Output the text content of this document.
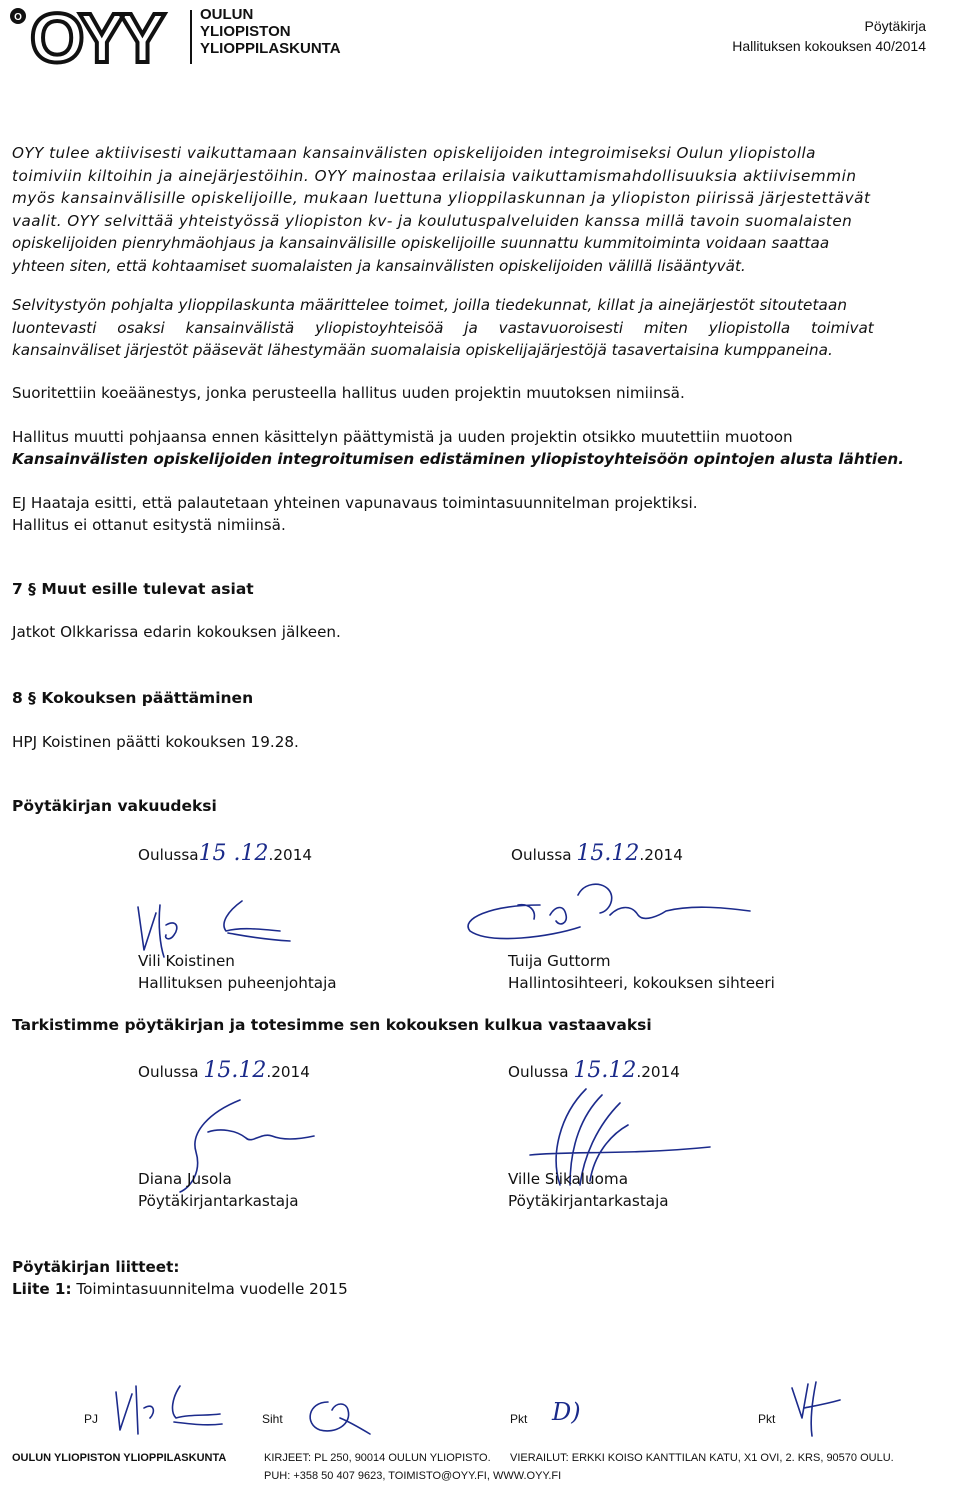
O OYY	OULUN
YLIOPISTON
YLIOPPILASKUNTA
Pöytäkirja
Hallituksen kokouksen 40/2014
OYY tulee aktiivisesti vaikuttamaan kansainvälisten opiskelijoiden integroimiseksi Oulun yliopistolla
toimiviin kiltoihin ja ainejärjestöihin. OYY mainostaa erilaisia vaikuttamismahdollisuuksia aktiivisemmin
myös kansainvälisille opiskelijoille, mukaan luettuna ylioppilaskunnan ja yliopiston piirissä järjestettävät
vaalit. OYY selvittää yhteistyössä yliopiston kv- ja koulutuspalveluiden kanssa millä tavoin suomalaisten
opiskelijoiden pienryhmäohjaus ja kansainvälisille opiskelijoille suunnattu kummitoiminta voidaan saattaa
yhteen siten, että kohtaamiset suomalaisten ja kansainvälisten opiskelijoiden välillä lisääntyvät.
Selvitystyön pohjalta ylioppilaskunta määrittelee toimet, joilla tiedekunnat, killat ja ainejärjestöt sitoutetaan
luontevasti osaksi kansainvälistä yliopistoyhteisöä ja vastavuoroisesti miten yliopistolla toimivat
kansainväliset järjestöt pääsevät lähestymään suomalaisia opiskelijajärjestöjä tasavertaisina kumppaneina.
Suoritettiin koeäänestys, jonka perusteella hallitus uuden projektin muutoksen nimiinsä.
Hallitus muutti pohjaansa ennen käsittelyn päättymistä ja uuden projektin otsikko muutettiin muotoon
Kansainvälisten opiskelijoiden integroitumisen edistäminen yliopistoyhteisöön opintojen alusta lähtien.
EJ Haataja esitti, että palautetaan yhteinen vapunavaus toimintasuunnitelman projektiksi.
Hallitus ei ottanut esitystä nimiinsä.
7 § Muut esille tulevat asiat
Jatkot Olkkarissa edarin kokouksen jälkeen.
8 § Kokouksen päättäminen
HPJ Koistinen päätti kokouksen 19.28.
Pöytäkirjan vakuudeksi
Oulussa15 .12.2014	Oulussa 15.12.2014
Vili Koistinen
Hallituksen puheenjohtaja
Tuija Guttorm
Hallintosihteeri, kokouksen sihteeri
Tarkistimme pöytäkirjan ja totesimme sen kokouksen kulkua vastaavaksi
Oulussa 15.12.2014	Oulussa 15.12.2014
Diana Jusola
Pöytäkirjantarkastaja
Ville Siikaluoma
Pöytäkirjantarkastaja
Pöytäkirjan liitteet:
Liite 1: Toimintasuunnitelma vuodelle 2015
PJ	Siht	Pkt D)	Pkt
OULUN YLIOPISTON YLIOPPILASKUNTA	KIRJEET: PL 250, 90014 OULUN YLIOPISTO. VIERAILUT: ERKKI KOISO KANTTILAN KATU, X1 OVI, 2. KRS, 90570 OULU.
PUH: +358 50 407 9623, TOIMISTO@OYY.FI, WWW.OYY.FI
